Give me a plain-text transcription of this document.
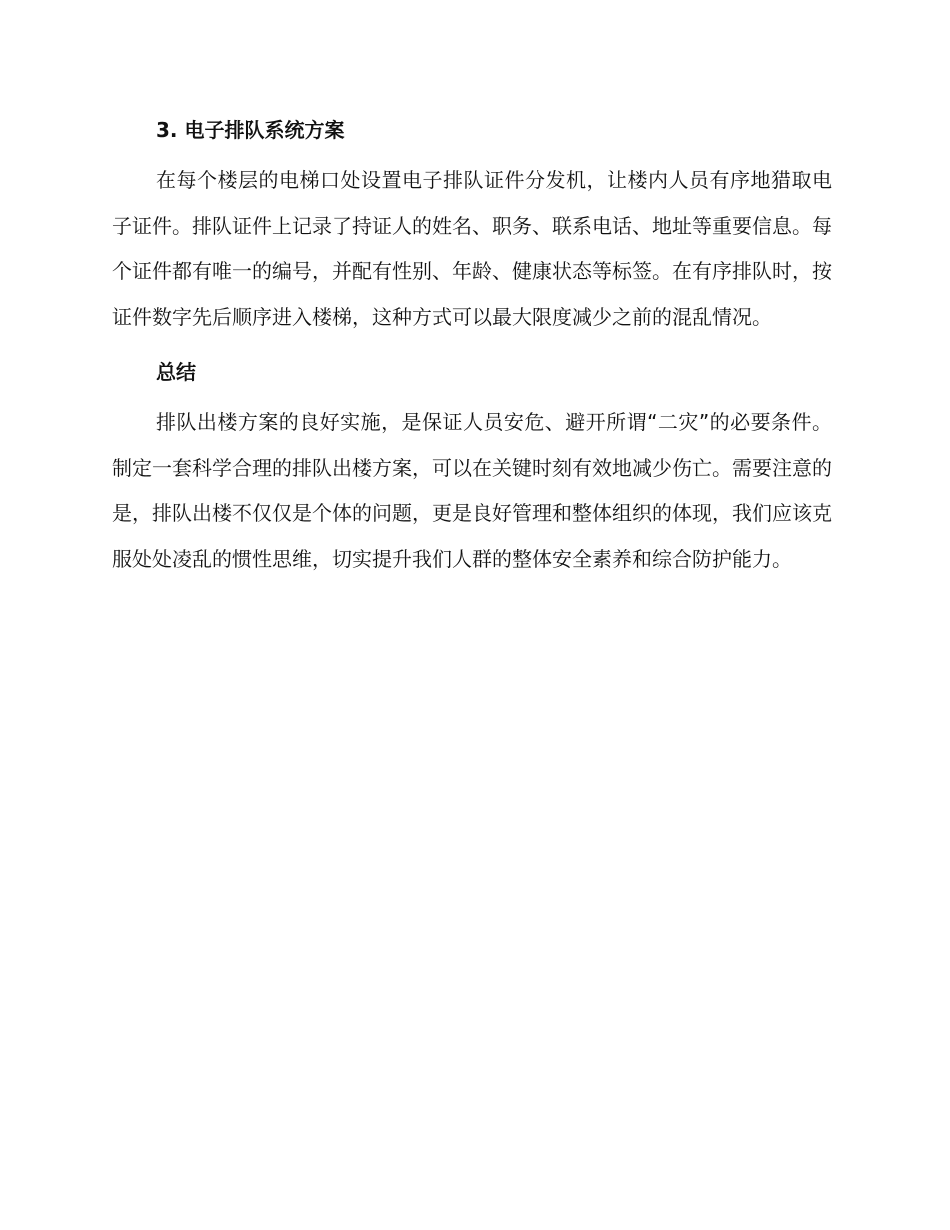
3. 电子排队系统方案

在每个楼层的电梯口处设置电子排队证件分发机，让楼内人员有序地猎取电子证件。排队证件上记录了持证人的姓名、职务、联系电话、地址等重要信息。每个证件都有唯一的编号，并配有性别、年龄、健康状态等标签。在有序排队时，按证件数字先后顺序进入楼梯，这种方式可以最大限度减少之前的混乱情况。

总结

排队出楼方案的良好实施，是保证人员安危、避开所谓“二灾”的必要条件。制定一套科学合理的排队出楼方案，可以在关键时刻有效地减少伤亡。需要注意的是，排队出楼不仅仅是个体的问题，更是良好管理和整体组织的体现，我们应该克服处处凌乱的惯性思维，切实提升我们人群的整体安全素养和综合防护能力。
